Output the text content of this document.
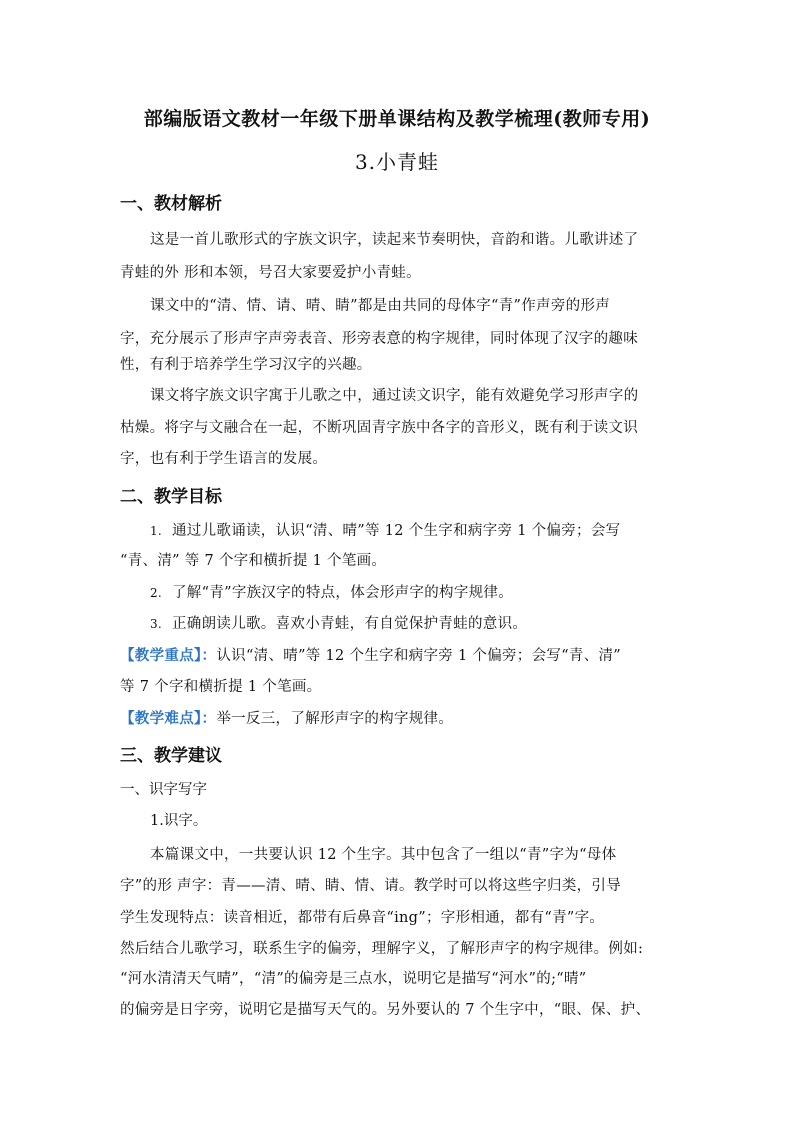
部编版语文教材一年级下册单课结构及教学梳理(教师专用)
3.小青蛙
一、教材解析
这是一首儿歌形式的字族文识字，读起来节奏明快，音韵和谐。儿歌讲述了
青蛙的外 形和本领，号召大家要爱护小青蛙。
课文中的“清、情、请、晴、睛”都是由共同的母体字“青”作声旁的形声
字，充分展示了形声字声旁表音、形旁表意的构字规律，同时体现了汉字的趣味
性，有利于培养学生学习汉字的兴趣。
课文将字族文识字寓于儿歌之中，通过读文识字，能有效避免学习形声字的
枯燥。将字与文融合在一起，不断巩固青字族中各字的音形义，既有利于读文识
字，也有利于学生语言的发展。
二、教学目标
1. 通过儿歌诵读，认识“清、晴”等 12 个生字和病字旁 1 个偏旁；会写
“青、清” 等 7 个字和横折提 1 个笔画。
2. 了解“青”字族汉字的特点，体会形声字的构字规律。
3. 正确朗读儿歌。喜欢小青蛙，有自觉保护青蛙的意识。
【教学重点】：认识“清、晴”等 12 个生字和病字旁 1 个偏旁；会写“青、清”
等 7 个字和横折提 1 个笔画。
【教学难点】：举一反三，了解形声字的构字规律。
三、教学建议
一、识字写字
1.识字。
本篇课文中，一共要认识 12 个生字。其中包含了一组以“青”字为“母体
字”的形 声字：青——清、晴、睛、情、请。教学时可以将这些字归类，引导
学生发现特点：读音相近，都带有后鼻音“ing”；字形相通，都有“青”字。
然后结合儿歌学习，联系生字的偏旁，理解字义，了解形声字的构字规律。例如:
“河水清清天气晴”，“清”的偏旁是三点水，说明它是描写“河水”的;“晴”
的偏旁是日字旁，说明它是描写天气的。另外要认的 7 个生字中，“眼、保、护、
